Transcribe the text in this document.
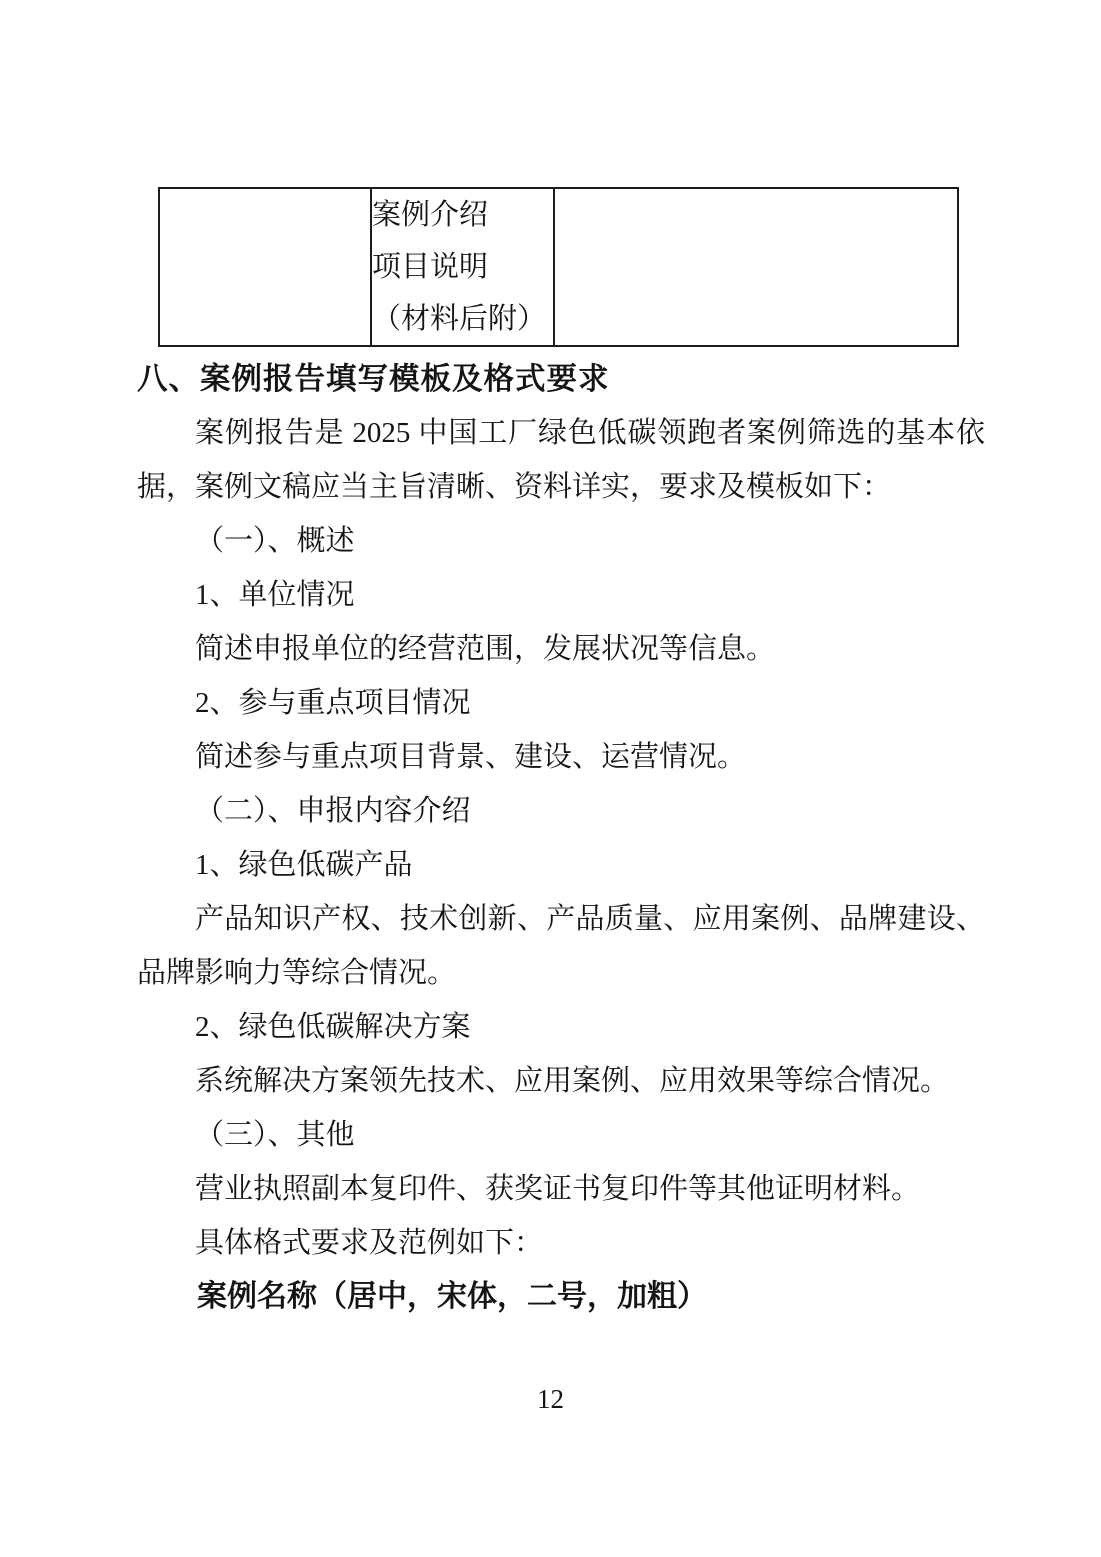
案例介绍
项目说明
（材料后附）

八、案例报告填写模板及格式要求

案例报告是 2025 中国工厂绿色低碳领跑者案例筛选的基本依据，案例文稿应当主旨清晰、资料详实，要求及模板如下：

（一）、概述

1、单位情况

简述申报单位的经营范围，发展状况等信息。

2、参与重点项目情况

简述参与重点项目背景、建设、运营情况。

（二）、申报内容介绍

1、绿色低碳产品

产品知识产权、技术创新、产品质量、应用案例、品牌建设、品牌影响力等综合情况。

2、绿色低碳解决方案

系统解决方案领先技术、应用案例、应用效果等综合情况。

（三）、其他

营业执照副本复印件、获奖证书复印件等其他证明材料。

具体格式要求及范例如下：

案例名称（居中，宋体，二号，加粗）

12
